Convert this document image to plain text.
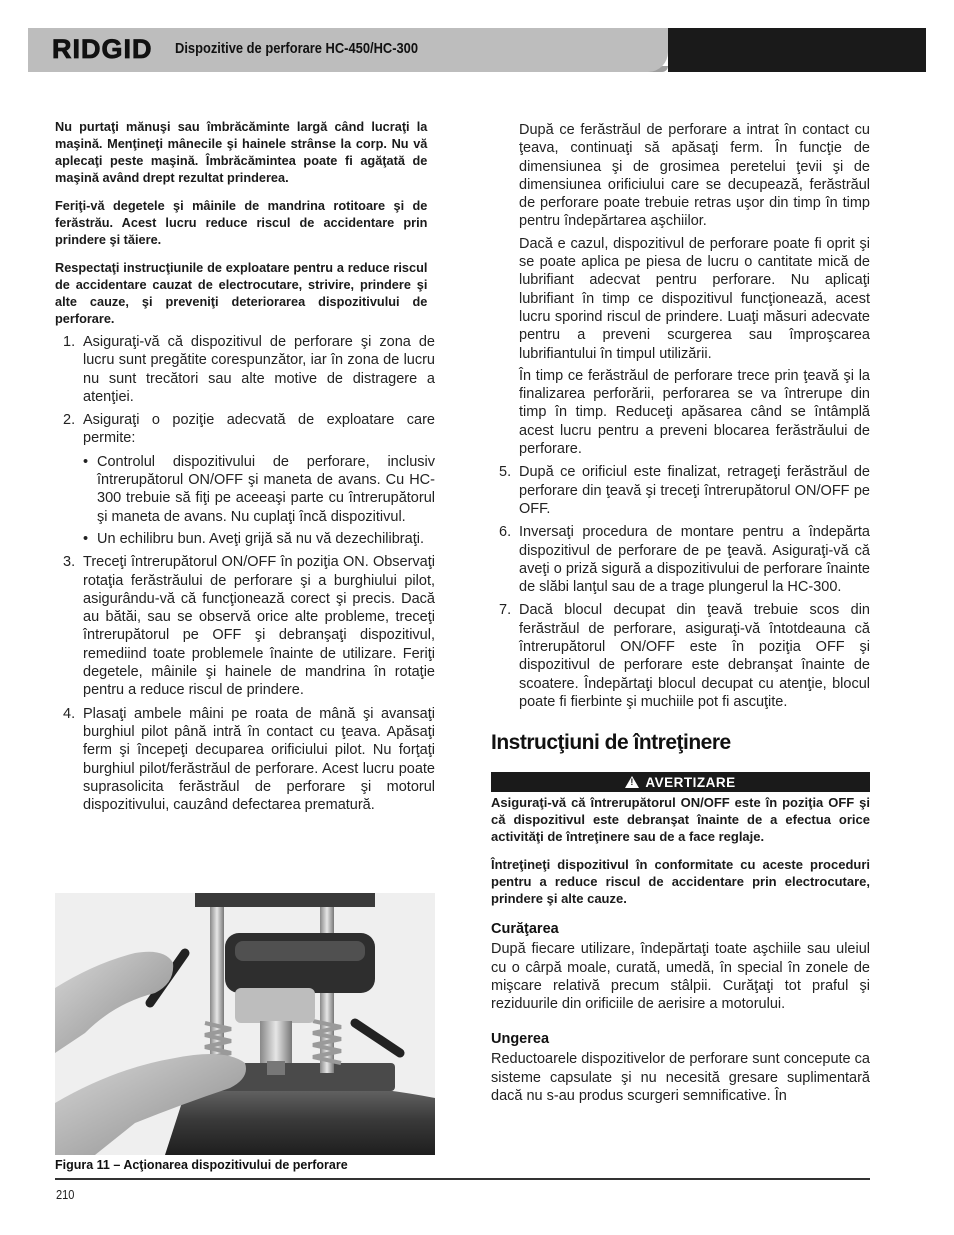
RIDGID Dispozitive de perforare HC-450/HC-300

Nu purtaţi mănuşi sau îmbrăcăminte largă când lucraţi la maşină. Menţineţi mânecile şi hainele strânse la corp. Nu vă aplecaţi peste maşină. Îmbrăcămintea poate fi agăţată de maşină având drept rezultat prinderea.

Feriţi-vă degetele şi mâinile de mandrina rotitoare şi de ferăstrău. Acest lucru reduce riscul de accidentare prin prindere şi tăiere.

Respectaţi instrucţiunile de exploatare pentru a reduce riscul de accidentare cauzat de electrocutare, strivire, prindere şi alte cauze, şi preveniţi deteriorarea dispozitivului de perforare.

1. Asiguraţi-vă că dispozitivul de perforare şi zona de lucru sunt pregătite corespunzător, iar în zona de lucru nu sunt trecători sau alte motive de distragere a atenţiei.
2. Asiguraţi o poziţie adecvată de exploatare care permite:
• Controlul dispozitivului de perforare, inclusiv întrerupătorul ON/OFF şi maneta de avans. Cu HC-300 trebuie să fiţi pe aceeaşi parte cu întrerupătorul şi maneta de avans. Nu cuplaţi încă dispozitivul.
• Un echilibru bun. Aveţi grijă să nu vă dezechilibraţi.
3. Treceţi întrerupătorul ON/OFF în poziţia ON. Observaţi rotaţia ferăstrăului de perforare şi a burghiului pilot, asigurându-vă că funcţionează corect şi precis. Dacă au bătăi, sau se observă orice alte probleme, treceţi întrerupătorul pe OFF şi debranşaţi dispozitivul, remediind toate problemele înainte de utilizare. Feriţi degetele, mâinile şi hainele de mandrina în rotaţie pentru a reduce riscul de prindere.
4. Plasaţi ambele mâini pe roata de mână şi avansaţi burghiul pilot până intră în contact cu ţeava. Apăsaţi ferm şi începeţi decuparea orificiului pilot. Nu forţaţi burghiul pilot/ferăstrăul de perforare. Acest lucru poate suprasolicita ferăstrăul de perforare şi motorul dispozitivului, cauzând defectarea prematură.
Figura 11 – Acţionarea dispozitivului de perforare

După ce ferăstrăul de perforare a intrat în contact cu ţeava, continuaţi să apăsaţi ferm. În funcţie de dimensiunea şi de grosimea peretelui ţevii şi de dimensiunea orificiului care se decupează, ferăstrăul de perforare poate trebuie retras uşor din timp în timp pentru îndepărtarea aşchiilor.

Dacă e cazul, dispozitivul de perforare poate fi oprit şi se poate aplica pe piesa de lucru o cantitate mică de lubrifiant adecvat pentru perforare. Nu aplicaţi lubrifiant în timp ce dispozitivul funcţionează, acest lucru sporind riscul de prindere. Luaţi măsuri adecvate pentru a preveni scurgerea sau împroşcarea lubrifiantului în timpul utilizării.

În timp ce ferăstrăul de perforare trece prin ţeavă şi la finalizarea perforării, perforarea se va întrerupe din timp în timp. Reduceţi apăsarea când se întâmplă acest lucru pentru a preveni blocarea ferăstrăului de perforare.

5. După ce orificiul este finalizat, retrageţi ferăstrăul de perforare din ţeavă şi treceţi întrerupătorul ON/OFF pe OFF.
6. Inversaţi procedura de montare pentru a îndepărta dispozitivul de perforare de pe ţeavă. Asiguraţi-vă că aveţi o priză sigură a dispozitivului de perforare înainte de slăbi lanţul sau de a trage plungerul la HC-300.
7. Dacă blocul decupat din ţeavă trebuie scos din ferăstrăul de perforare, asiguraţi-vă întotdeauna că întrerupătorul ON/OFF este în poziţia OFF şi dispozitivul de perforare este debranşat înainte de scoatere. Îndepărtaţi blocul decupat cu atenţie, blocul poate fi fierbinte şi muchiile pot fi ascuţite.
Instrucţiuni de întreţinere
!
AVERTIZARE

Asiguraţi-vă că întrerupătorul ON/OFF este în poziţia OFF şi că dispozitivul este debranşat înainte de a efectua orice activităţi de întreţinere sau de a face reglaje.

Întreţineţi dispozitivul în conformitate cu aceste proceduri pentru a reduce riscul de accidentare prin electrocutare, prindere şi alte cauze.

Curăţarea

După fiecare utilizare, îndepărtaţi toate aşchiile sau uleiul cu o cârpă moale, curată, umedă, în special în zonele de mişcare relativă precum stâlpii. Curăţaţi tot praful şi reziduurile din orificiile de aerisire a motorului.

Ungerea

Reductoarele dispozitivelor de perforare sunt concepute ca sisteme capsulate şi nu necesită gresare suplimentară dacă nu s-au produs scurgeri semnificative. În

210
